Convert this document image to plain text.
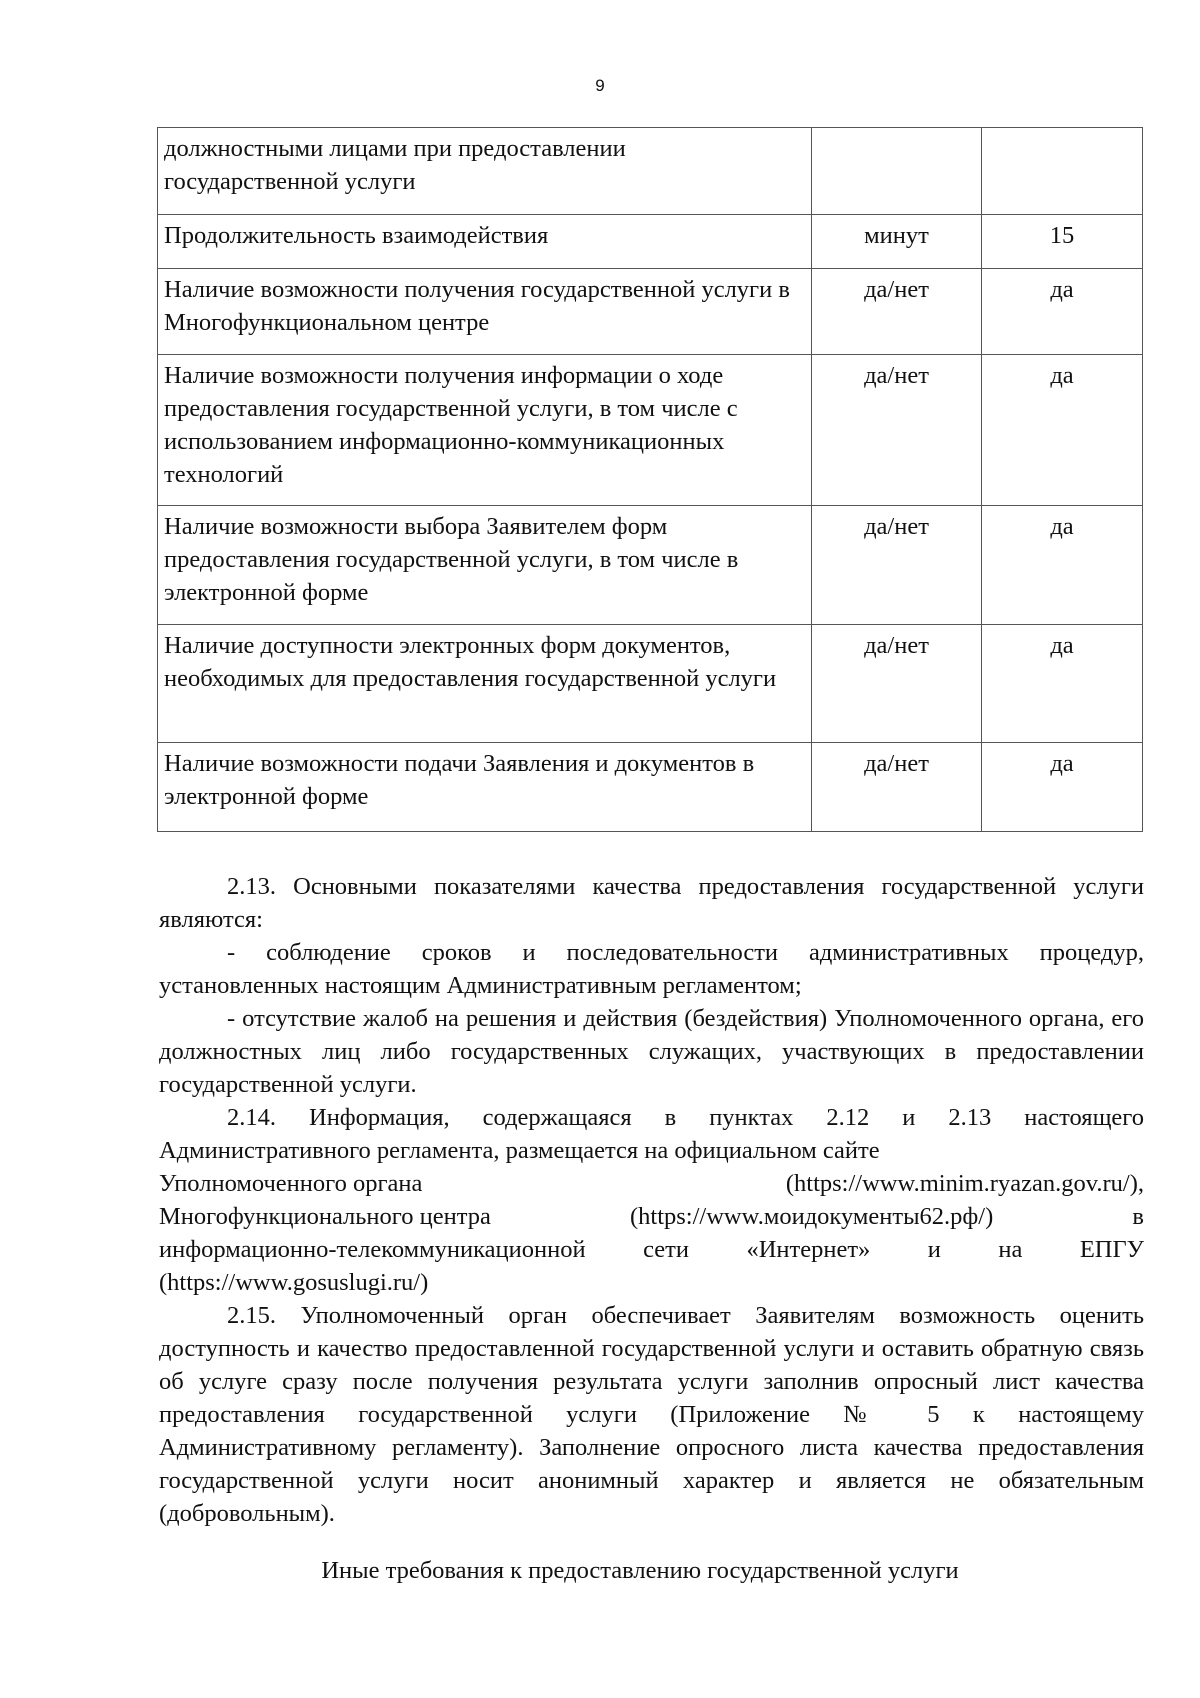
9
должностными лицами при предоставлении государственной услуги		
Продолжительность взаимодействия	минут	15
Наличие возможности получения государственной услуги в Многофункциональном центре	да/нет	да
Наличие возможности получения информации о ходе предоставления государственной услуги, в том числе с использованием информационно-коммуникационных технологий	да/нет	да
Наличие возможности выбора Заявителем форм предоставления государственной услуги, в том числе в электронной форме	да/нет	да
Наличие доступности электронных форм документов, необходимых для предоставления государственной услуги	да/нет	да
Наличие возможности подачи Заявления и документов в электронной форме	да/нет	да

2.13. Основными показателями качества предоставления государственной услуги являются:

- соблюдение сроков и последовательности административных процедур, установленных настоящим Административным регламентом;

- отсутствие жалоб на решения и действия (бездействия) Уполномоченного органа, его должностных лиц либо государственных служащих, участвующих в предоставлении государственной услуги.

2.14. Информация, содержащаяся в пунктах 2.12 и 2.13 настоящего Административного регламента, размещается на официальном сайте

Уполномоченного органа	(https://www.minim.ryazan.gov.ru/),
Многофункционального центра	(https://www.моидокументы62.рф/)	в

информационно-телекоммуникационной сети «Интернет» и на ЕПГУ

(https://www.gosuslugi.ru/)

2.15. Уполномоченный орган обеспечивает Заявителям возможность оценить доступность и качество предоставленной государственной услуги и оставить обратную связь об услуге сразу после получения результата услуги заполнив опросный лист качества предоставления государственной услуги (Приложение № 5 к настоящему Административному регламенту). Заполнение опросного листа качества предоставления государственной услуги носит анонимный характер и является не обязательным (добровольным).

Иные требования к предоставлению государственной услуги
